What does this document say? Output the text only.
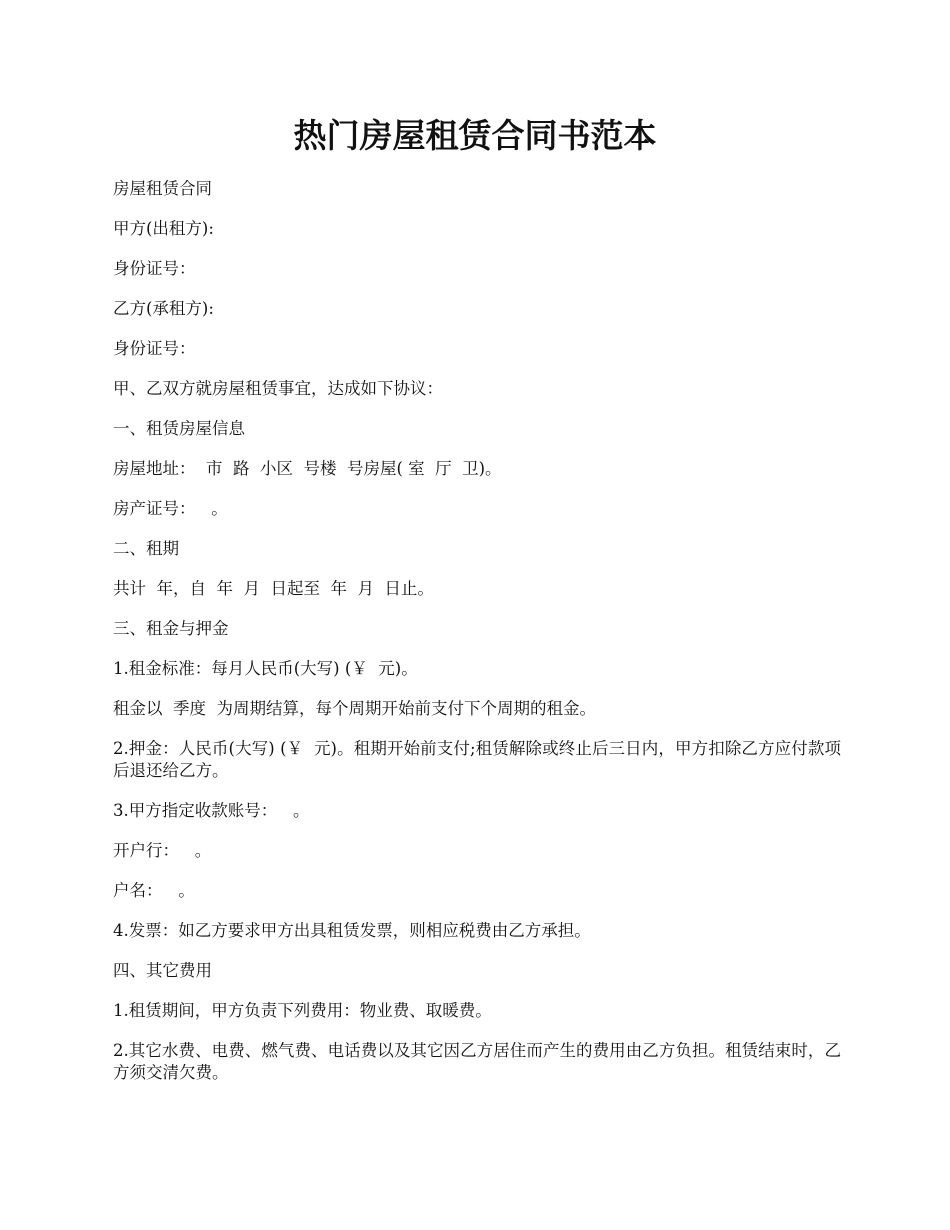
热门房屋租赁合同书范本

房屋租赁合同

甲方(出租方):

身份证号：

乙方(承租方):

身份证号：

甲、乙双方就房屋租赁事宜，达成如下协议：

一、租赁房屋信息

房屋地址：  市  路  小区  号楼  号房屋( 室  厅  卫)。

房产证号：   。

二、租期

共计  年，自  年  月  日起至  年  月  日止。

三、租金与押金

1.租金标准：每月人民币(大写) (￥  元)。

租金以  季度  为周期结算，每个周期开始前支付下个周期的租金。

2.押金：人民币(大写) (￥  元)。租期开始前支付;租赁解除或终止后三日内，甲方扣除乙方应付款项后退还给乙方。

3.甲方指定收款账号：   。

开户行：   。

户名：   。

4.发票：如乙方要求甲方出具租赁发票，则相应税费由乙方承担。

四、其它费用

1.租赁期间，甲方负责下列费用：物业费、取暖费。

2.其它水费、电费、燃气费、电话费以及其它因乙方居住而产生的费用由乙方负担。租赁结束时，乙方须交清欠费。
